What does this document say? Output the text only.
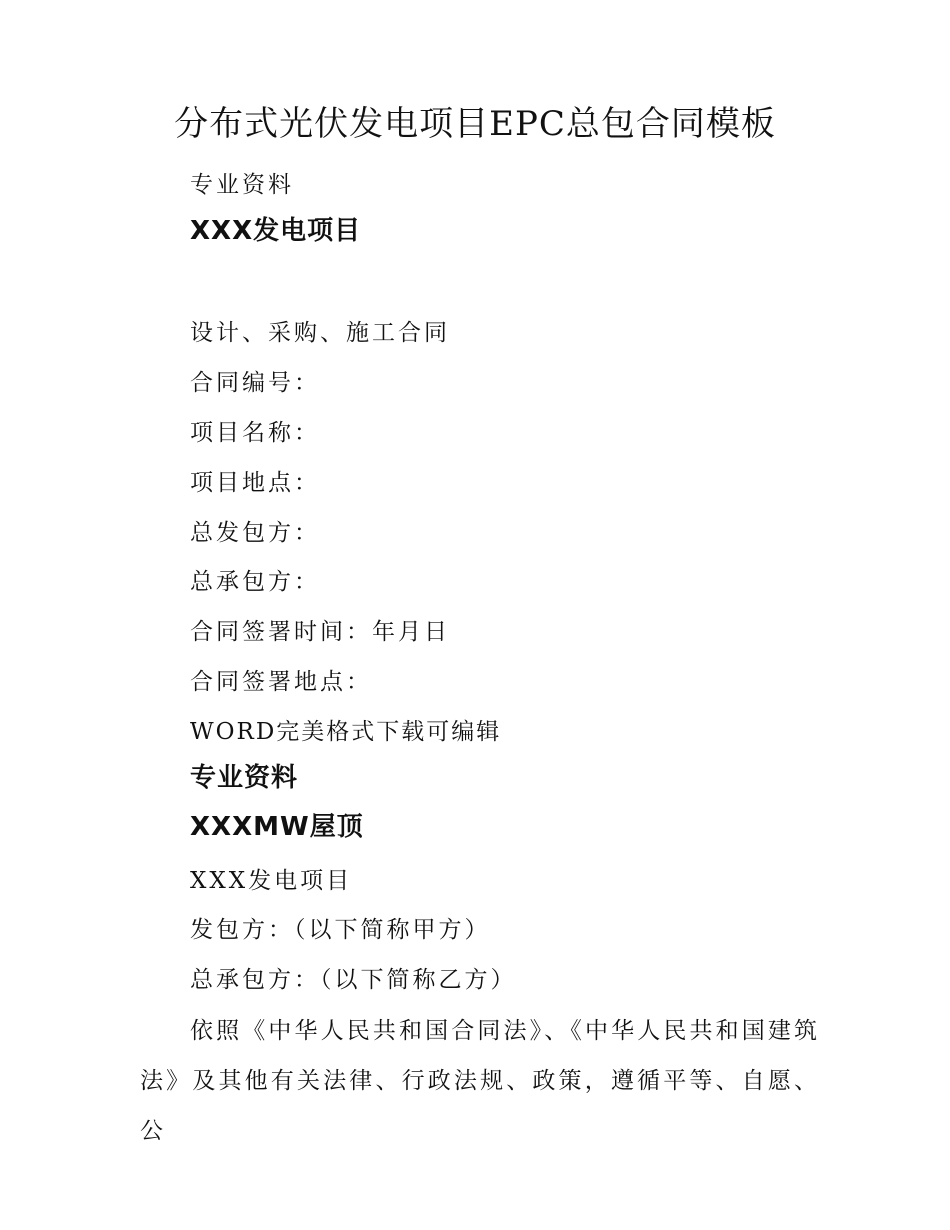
分布式光伏发电项目EPC总包合同模板
专业资料
XXX发电项目
设计、采购、施工合同
合同编号：
项目名称：
项目地点：
总发包方：
总承包方：
合同签署时间：年月日
合同签署地点：
WORD完美格式下载可编辑
专业资料
XXXMW屋顶
XXX发电项目
发包方：（以下简称甲方）
总承包方：（以下简称乙方）
依照《中华人民共和国合同法》、《中华人民共和国建筑法》及其他有关法律、行政法规、政策，遵循平等、自愿、公
